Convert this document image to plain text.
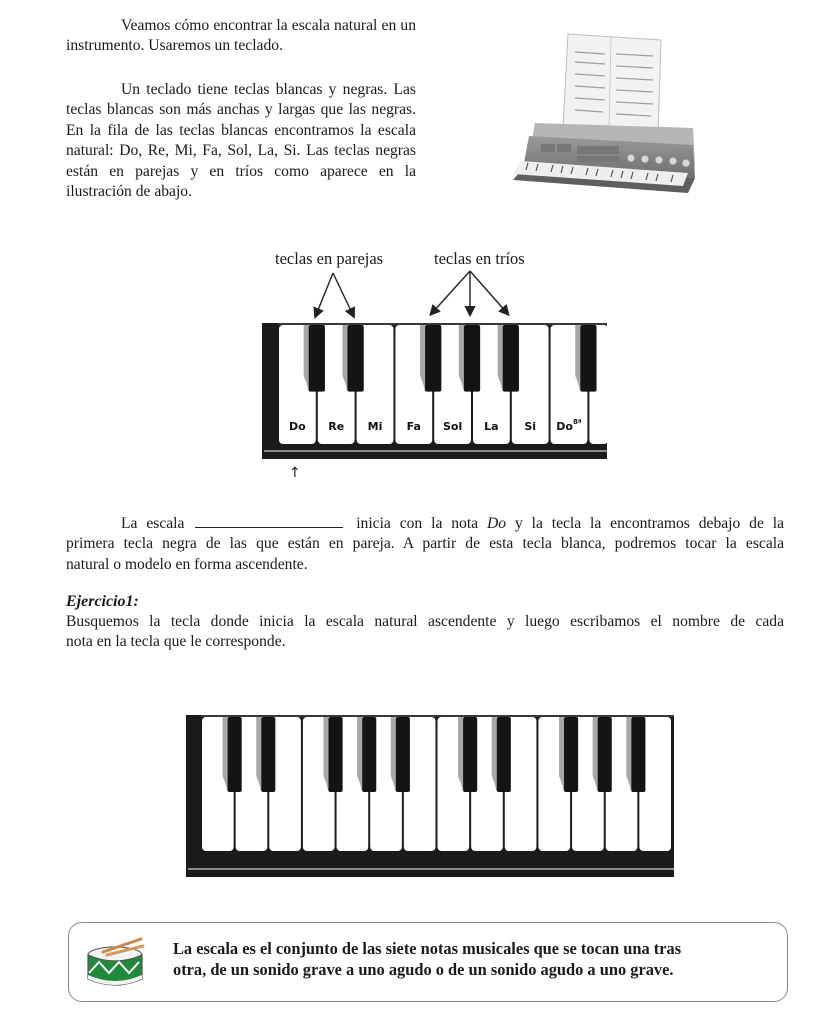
Veamos cómo encontrar la escala natural en un instrumento. Usaremos un teclado.
Un teclado tiene teclas blancas y negras. Las teclas blancas son más anchas y largas que las negras. En la fila de las teclas blancas encontramos la escala natural: Do, Re, Mi, Fa, Sol, La, Si. Las teclas negras están en parejas y en tríos como aparece en la ilustración de abajo.
teclas en parejas	teclas en tríos
Do Re Mi Fa Sol La Si $Do^{8ª}$
↑
La escala	inicia con la nota Do y la tecla la encontramos debajo de la
primera tecla negra de las que están en pareja. A partir de esta tecla blanca, podremos tocar la escala
natural o modelo en forma ascendente.
Ejercicio1:
Busquemos la tecla donde inicia la escala natural ascendente y luego escribamos el nombre de cada
nota en la tecla que le corresponde.
La escala es el conjunto de las siete notas musicales que se tocan una tras
otra, de un sonido grave a uno agudo o de un sonido agudo a uno grave.
